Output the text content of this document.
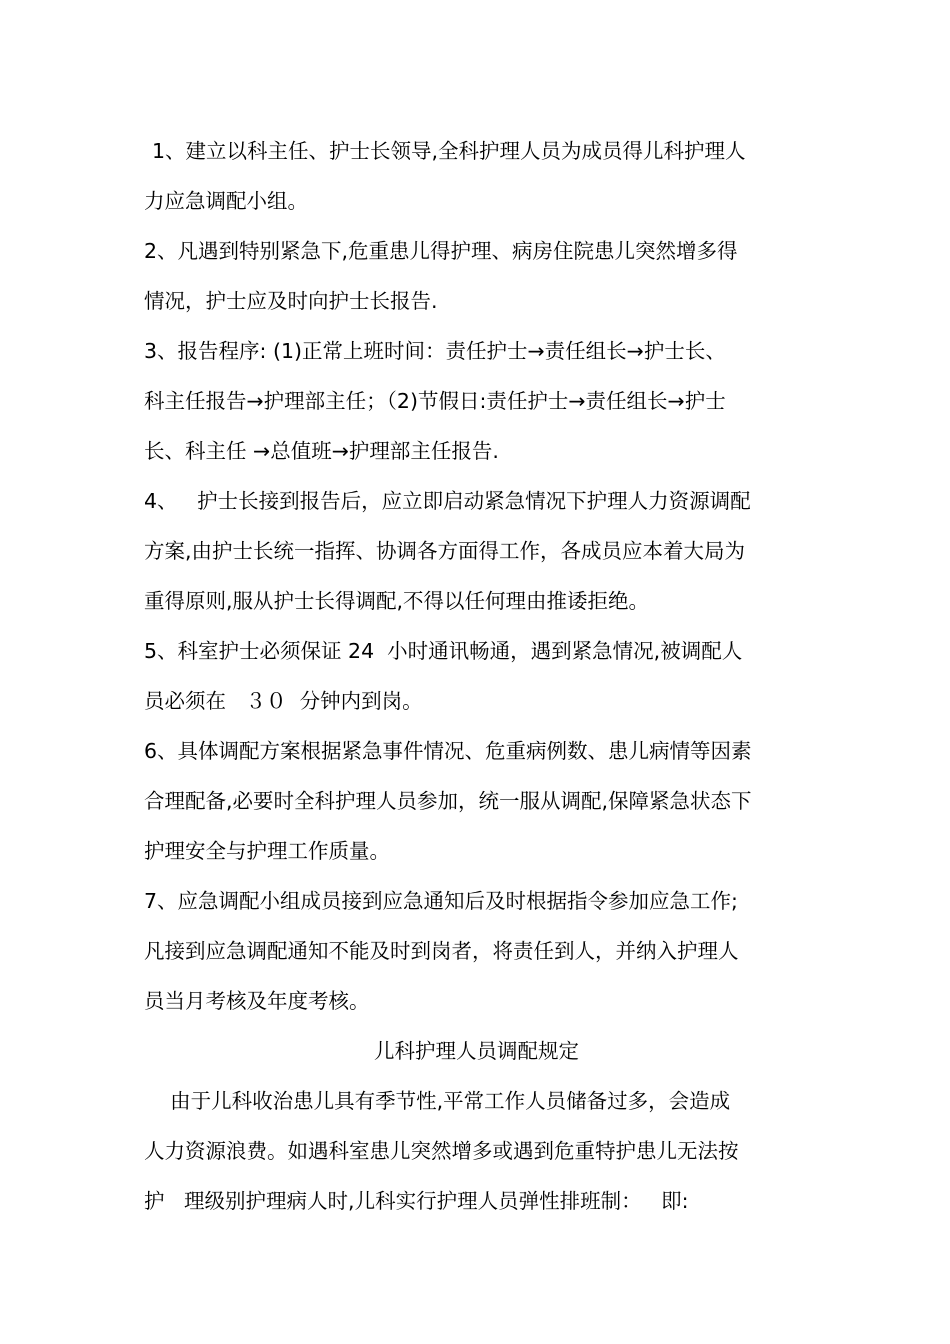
1、建立以科主任、护士长领导,全科护理人员为成员得儿科护理人
力应急调配小组。
2、凡遇到特别紧急下,危重患儿得护理、病房住院患儿突然增多得
情况，护士应及时向护士长报告.
3、报告程序: (1)正常上班时间：责任护士→责任组长→护士长、
科主任报告→护理部主任；（2)节假日:责任护士→责任组长→护士
长、科主任 →总值班→护理部主任报告.
4、   护士长接到报告后，应立即启动紧急情况下护理人力资源调配
方案,由护士长统一指挥、协调各方面得工作，各成员应本着大局为
重得原则,服从护士长得调配,不得以任何理由推诿拒绝。
5、科室护士必须保证 24  小时通讯畅通，遇到紧急情况,被调配人
员必须在   ３０  分钟内到岗。
6、具体调配方案根据紧急事件情况、危重病例数、患儿病情等因素
合理配备,必要时全科护理人员参加，统一服从调配,保障紧急状态下
护理安全与护理工作质量。
7、应急调配小组成员接到应急通知后及时根据指令参加应急工作;
凡接到应急调配通知不能及时到岗者，将责任到人，并纳入护理人
员当月考核及年度考核。
儿科护理人员调配规定
由于儿科收治患儿具有季节性,平常工作人员储备过多，会造成
人力资源浪费。如遇科室患儿突然增多或遇到危重特护患儿无法按
护   理级别护理病人时,儿科实行护理人员弹性排班制：   即:
